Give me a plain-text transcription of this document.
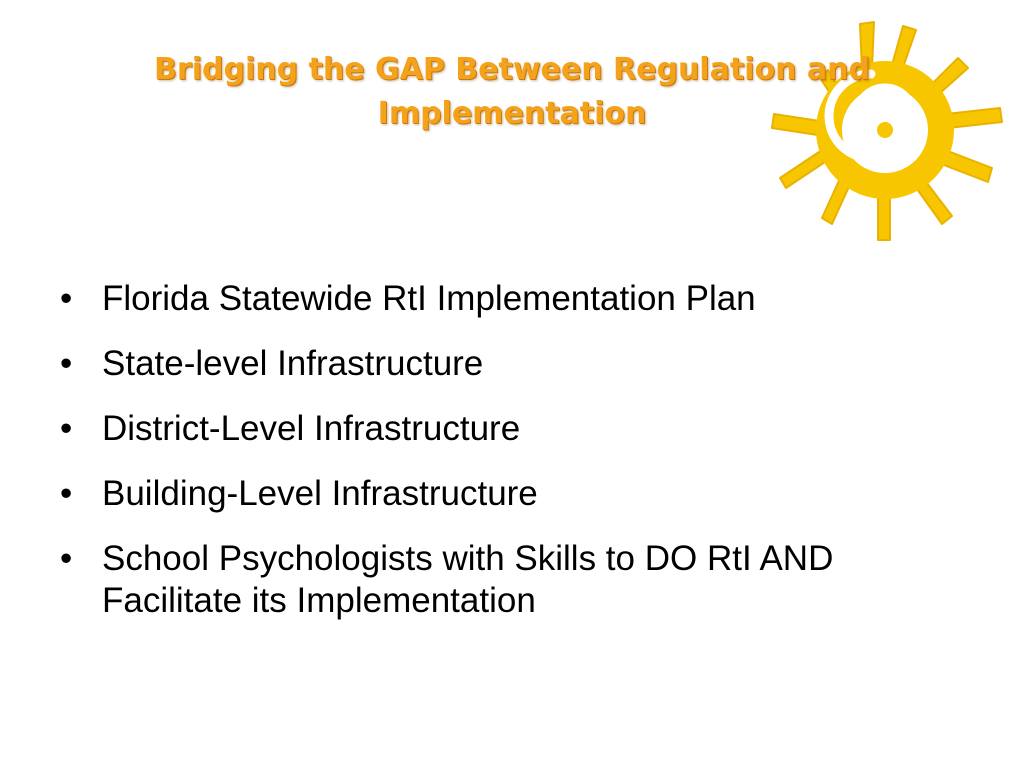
Bridging the GAP Between Regulation and
Implementation
• Florida Statewide RtI Implementation Plan
• State-level Infrastructure
• District-Level Infrastructure
• Building-Level Infrastructure
• School Psychologists with Skills to DO RtI AND Facilitate its Implementation
